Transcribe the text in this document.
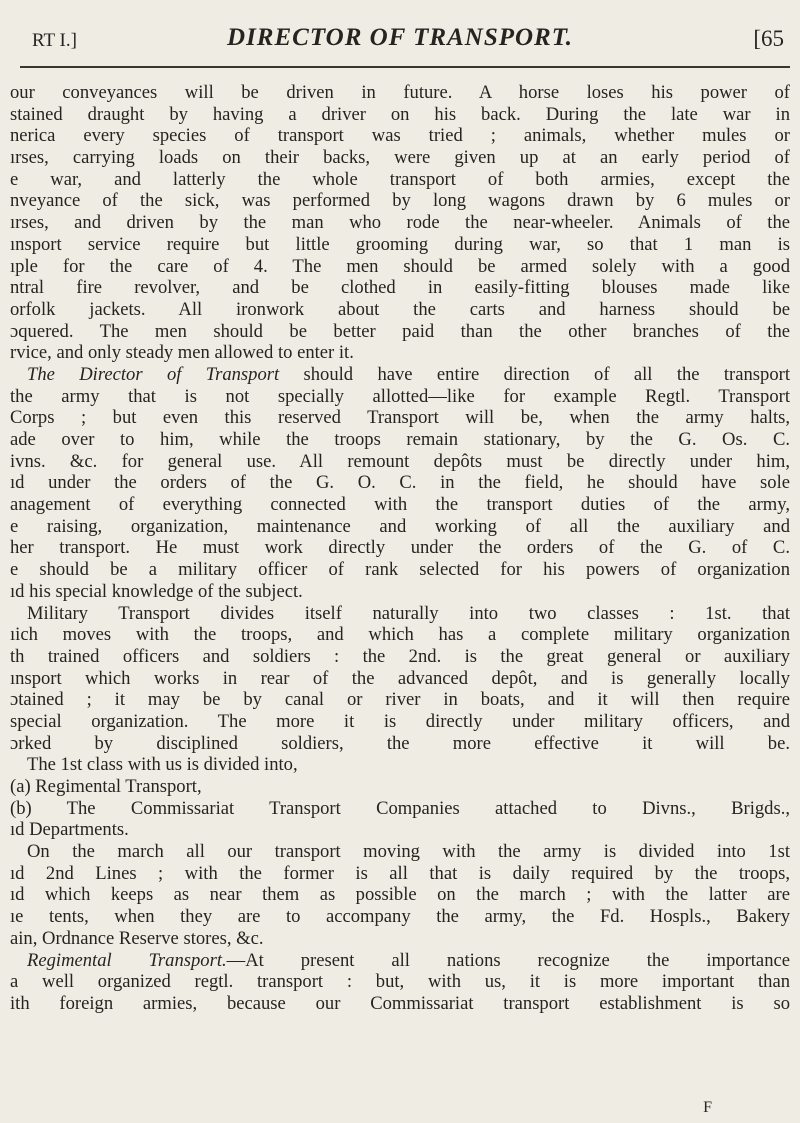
RT I.]	DIRECTOR OF TRANSPORT.	[65
our conveyances will be driven in future. A horse loses his power of
stained draught by having a driver on his back. During the late war in
nerica every species of transport was tried ; animals, whether mules or
ırses, carrying loads on their backs, were given up at an early period of
e war, and latterly the whole transport of both armies, except the
nveyance of the sick, was performed by long wagons drawn by 6 mules or
ırses, and driven by the man who rode the near-wheeler. Animals of the
ınsport service require but little grooming during war, so that 1 man is
ıple for the care of 4. The men should be armed solely with a good
ntral fire revolver, and be clothed in easily-fitting blouses made like
orfolk jackets. All ironwork about the carts and harness should be
ɔquered. The men should be better paid than the other branches of the
rvice, and only steady men allowed to enter it.
The Director of Transport should have entire direction of all the transport
the army that is not specially allotted—like for example Regtl. Transport
Corps ; but even this reserved Transport will be, when the army halts,
ade over to him, while the troops remain stationary, by the G. Os. C.
ivns. &c. for general use. All remount depôts must be directly under him,
ıd under the orders of the G. O. C. in the field, he should have sole
anagement of everything connected with the transport duties of the army,
e raising, organization, maintenance and working of all the auxiliary and
her transport. He must work directly under the orders of the G. of C.
e should be a military officer of rank selected for his powers of organization
ıd his special knowledge of the subject.
Military Transport divides itself naturally into two classes : 1st. that
ıich moves with the troops, and which has a complete military organization
th trained officers and soldiers : the 2nd. is the great general or auxiliary
ınsport which works in rear of the advanced depôt, and is generally locally
ɔtained ; it may be by canal or river in boats, and it will then require
special organization. The more it is directly under military officers, and
ɔrked by disciplined soldiers, the more effective it will be.
The 1st class with us is divided into,
(a) Regimental Transport,
(b) The Commissariat Transport Companies attached to Divns., Brigds.,
ıd Departments.
On the march all our transport moving with the army is divided into 1st
ıd 2nd Lines ; with the former is all that is daily required by the troops,
ıd which keeps as near them as possible on the march ; with the latter are
ıe tents, when they are to accompany the army, the Fd. Hospls., Bakery
ain, Ordnance Reserve stores, &c.
Regimental Transport.—At present all nations recognize the importance
a well organized regtl. transport : but, with us, it is more important than
ith foreign armies, because our Commissariat transport establishment is so
F
